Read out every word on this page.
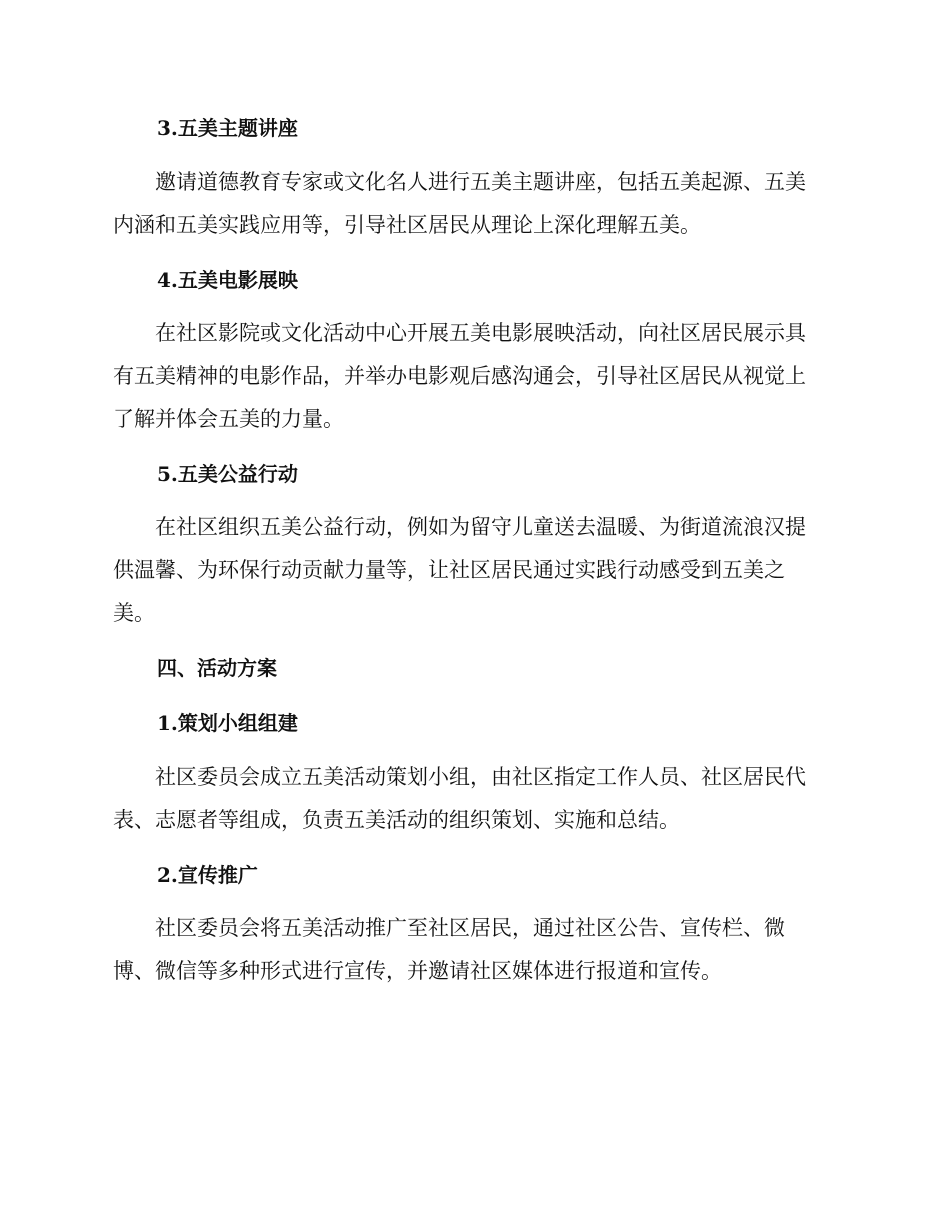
3.五美主题讲座

邀请道德教育专家或文化名人进行五美主题讲座，包括五美起源、五美
内涵和五美实践应用等，引导社区居民从理论上深化理解五美。

4.五美电影展映

在社区影院或文化活动中心开展五美电影展映活动，向社区居民展示具
有五美精神的电影作品，并举办电影观后感沟通会，引导社区居民从视觉上
了解并体会五美的力量。

5.五美公益行动

在社区组织五美公益行动，例如为留守儿童送去温暖、为街道流浪汉提
供温馨、为环保行动贡献力量等，让社区居民通过实践行动感受到五美之
美。

四、活动方案
1.策划小组组建

社区委员会成立五美活动策划小组，由社区指定工作人员、社区居民代
表、志愿者等组成，负责五美活动的组织策划、实施和总结。

2.宣传推广

社区委员会将五美活动推广至社区居民，通过社区公告、宣传栏、微
博、微信等多种形式进行宣传，并邀请社区媒体进行报道和宣传。
